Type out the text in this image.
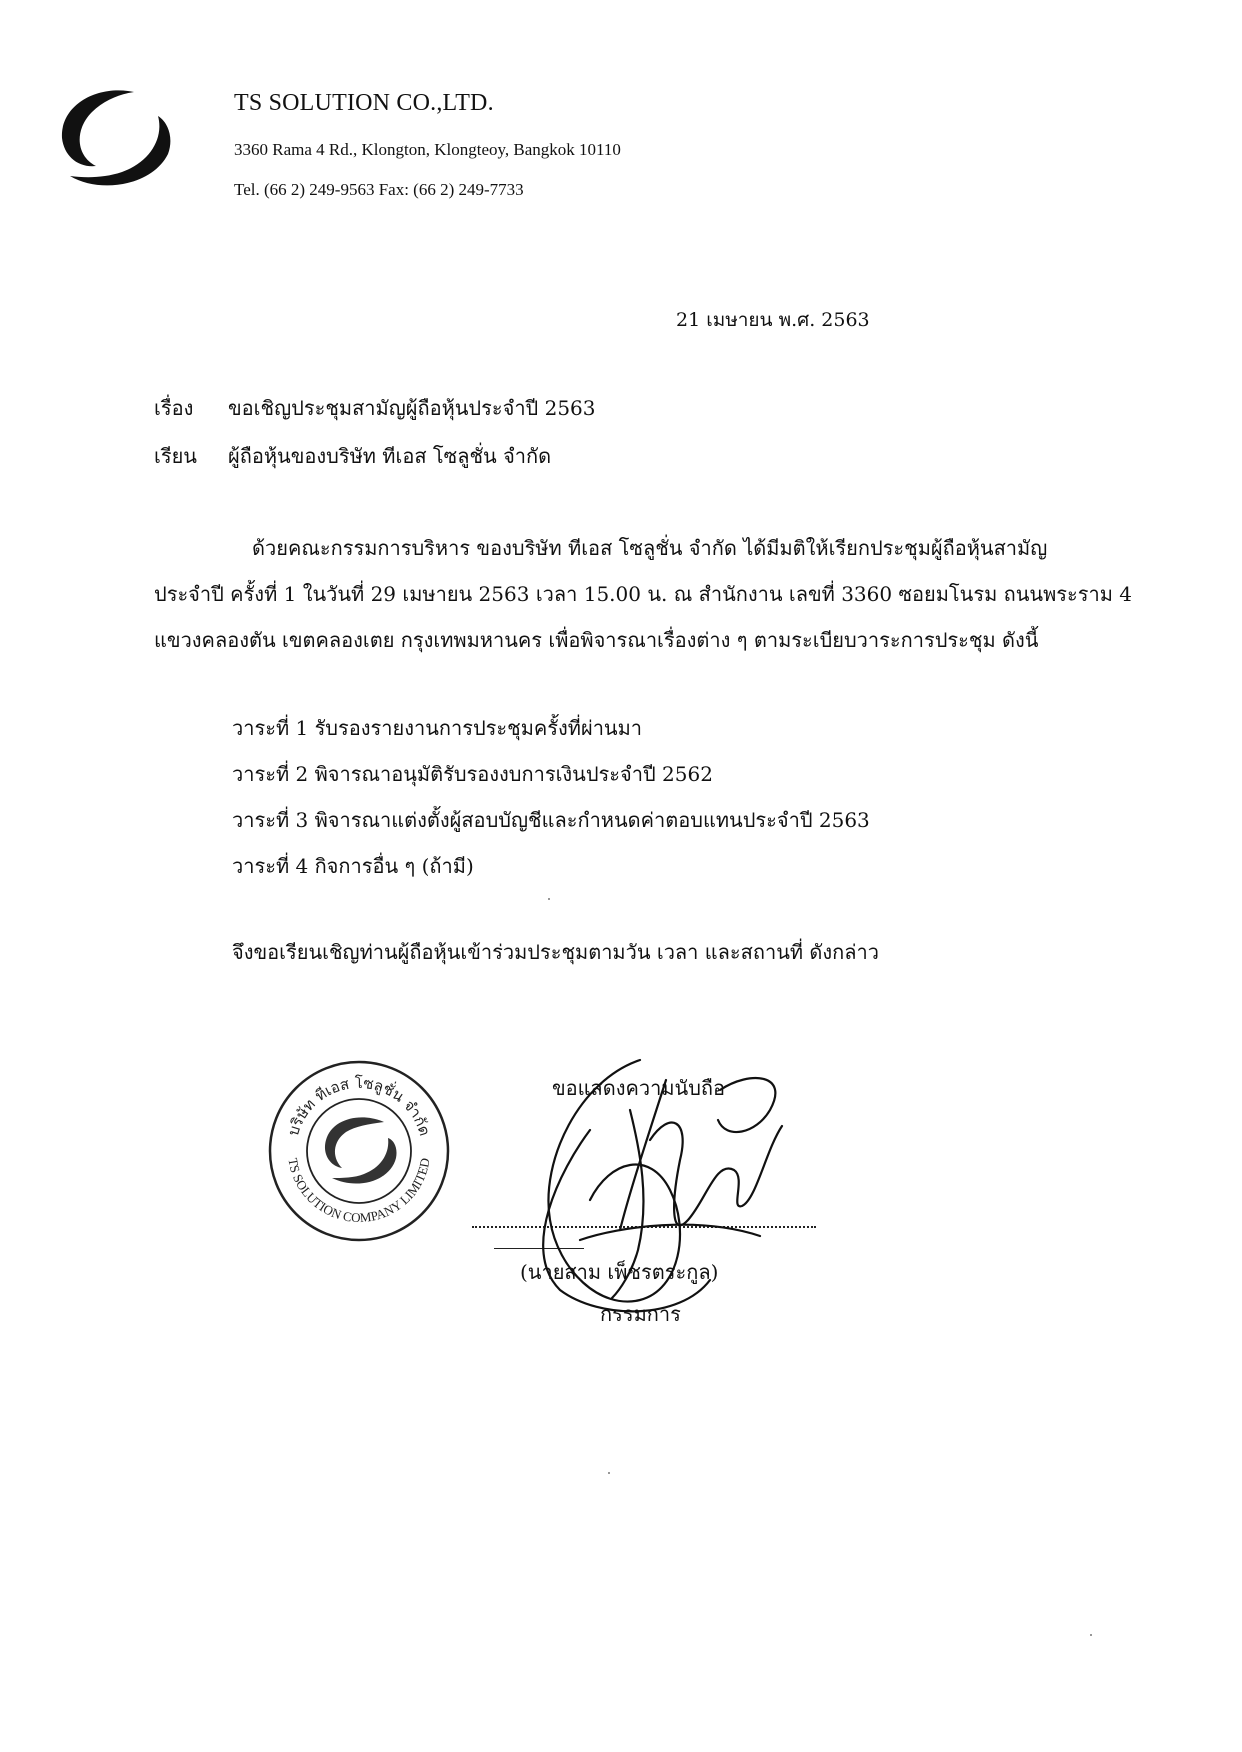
TS SOLUTION CO.,LTD.
3360 Rama 4 Rd., Klongton, Klongteoy, Bangkok 10110
Tel. (66 2) 249-9563 Fax: (66 2) 249-7733
21 เมษายน พ.ศ. 2563
เรื่อง ขอเชิญประชุมสามัญผู้ถือหุ้นประจำปี 2563
เรียน ผู้ถือหุ้นของบริษัท ทีเอส โซลูชั่น จำกัด
ด้วยคณะกรรมการบริหาร ของบริษัท ทีเอส โซลูชั่น จำกัด ได้มีมติให้เรียกประชุมผู้ถือหุ้นสามัญ
ประจำปี ครั้งที่ 1 ในวันที่ 29 เมษายน 2563 เวลา 15.00 น. ณ สำนักงาน เลขที่ 3360 ซอยมโนรม ถนนพระราม 4
แขวงคลองตัน เขตคลองเตย กรุงเทพมหานคร เพื่อพิจารณาเรื่องต่าง ๆ ตามระเบียบวาระการประชุม ดังนี้
วาระที่ 1 รับรองรายงานการประชุมครั้งที่ผ่านมา
วาระที่ 2 พิจารณาอนุมัติรับรองงบการเงินประจำปี 2562
วาระที่ 3 พิจารณาแต่งตั้งผู้สอบบัญชีและกำหนดค่าตอบแทนประจำปี 2563
วาระที่ 4 กิจการอื่น ๆ (ถ้ามี)
จึงขอเรียนเชิญท่านผู้ถือหุ้นเข้าร่วมประชุมตามวัน เวลา และสถานที่ ดังกล่าว
บริษัท ทีเอส โซลูชั่น จำกัด
TS SOLUTION COMPANY LIMITED
ขอแสดงความนับถือ
(นายสาม เพ็ชรตระกูล)
กรรมการ
